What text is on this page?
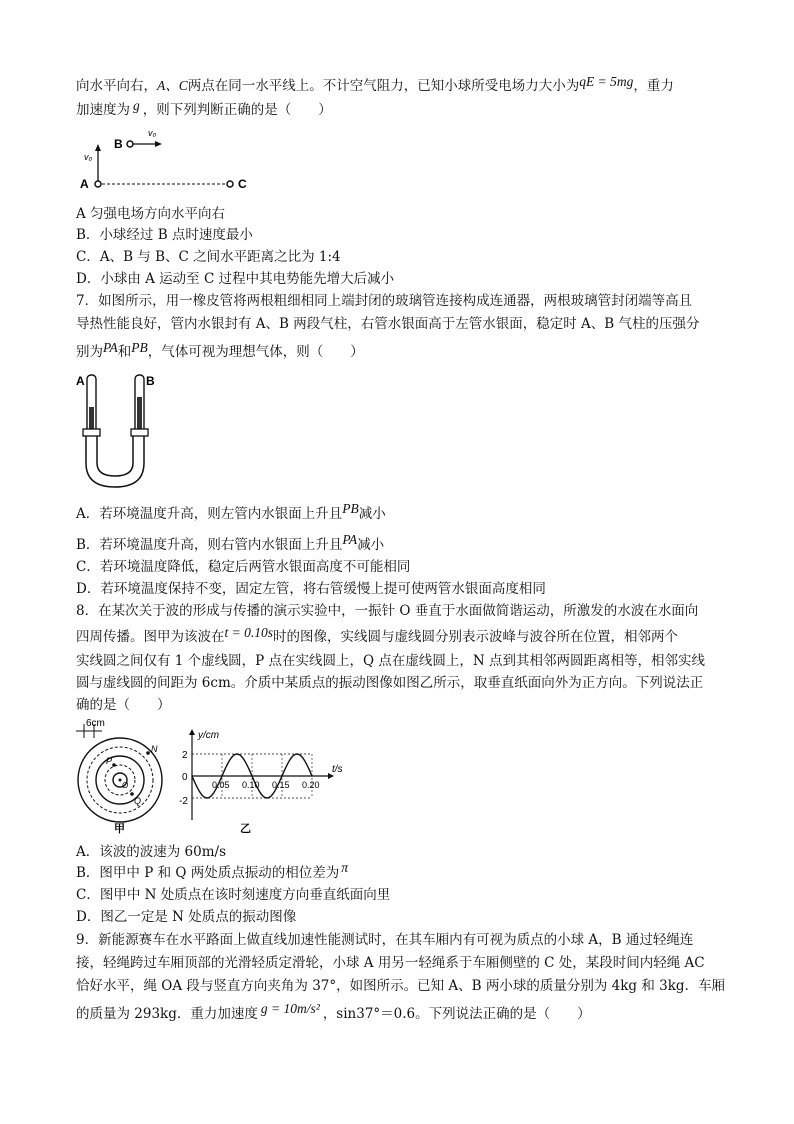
向水平向右，A、C两点在同一水平线上。不计空气阻力，已知小球所受电场力大小为qE = 5mg，重力
加速度为 g ，则下列判断正确的是（　　）
B
v₀
A
v₀
C
A 匀强电场方向水平向右
B．小球经过 B 点时速度最小
C．A、B 与 B、C 之间水平距离之比为 1:4
D．小球由 A 运动至 C 过程中其电势能先增大后减小
7．如图所示，用一橡皮管将两根粗细相同上端封闭的玻璃管连接构成连通器，两根玻璃管封闭端等高且
导热性能良好，管内水银封有 A、B 两段气柱，右管水银面高于左管水银面，稳定时 A、B 气柱的压强分
别为PA和PB，气体可视为理想气体，则（　　）
A	B
A．若环境温度升高，则左管内水银面上升且PB减小
B．若环境温度升高，则右管内水银面上升且PA减小
C．若环境温度降低，稳定后两管水银面高度不可能相同
D．若环境温度保持不变，固定左管，将右管缓慢上提可使两管水银面高度相同
8．在某次关于波的形成与传播的演示实验中，一振针 O 垂直于水面做简谐运动，所激发的水波在水面向
四周传播。图甲为该波在t = 0.10s时的图像，实线圆与虚线圆分别表示波峰与波谷所在位置，相邻两个
实线圆之间仅有 1 个虚线圆，P 点在实线圆上，Q 点在虚线圆上，N 点到其相邻两圆距离相等，相邻实线
圆与虚线圆的间距为 6cm。介质中某质点的振动图像如图乙所示，取垂直纸面向外为正方向。下列说法正
确的是（　　）
6cm
O
P
N
Q
甲
y/cm
t/s
2
0
-2
0.05 0.10 0.15 0.20
乙
A．该波的波速为 60m/s
B．图甲中 P 和 Q 两处质点振动的相位差为 π
C．图甲中 N 处质点在该时刻速度方向垂直纸面向里
D．图乙一定是 N 处质点的振动图像
9．新能源赛车在水平路面上做直线加速性能测试时，在其车厢内有可视为质点的小球 A，B 通过轻绳连
接，轻绳跨过车厢顶部的光滑轻质定滑轮，小球 A 用另一轻绳系于车厢侧壁的 C 处，某段时间内轻绳 AC
恰好水平，绳 OA 段与竖直方向夹角为 37°，如图所示。已知 A、B 两小球的质量分别为 4kg 和 3kg．车厢
的质量为 293kg．重力加速度 g = 10m/s² ，sin37°＝0.6。下列说法正确的是（　　）
